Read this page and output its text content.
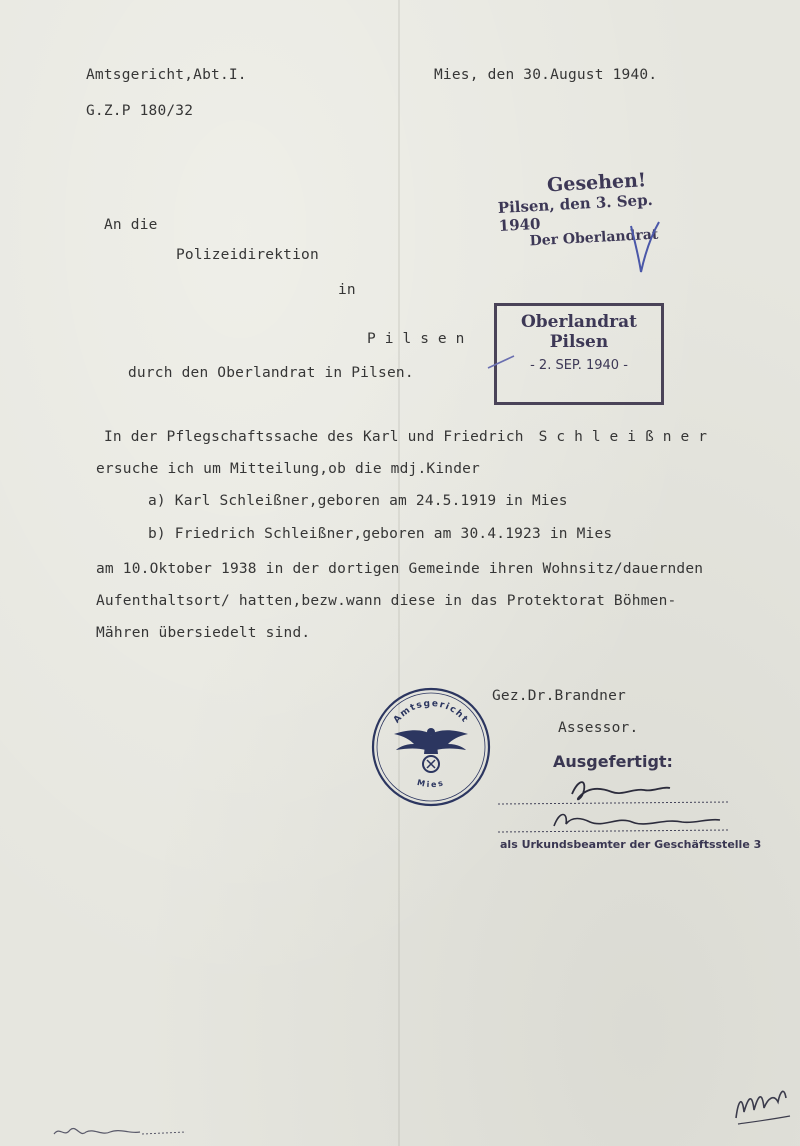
Amtsgericht,Abt.I.
G.Z.P 180/32
Mies, den 30.August 1940.
An die
Polizeidirektion
in
Pilsen
durch den Oberlandrat in Pilsen.
Gesehen!
Pilsen, den 3. Sep. 1940
Der Oberlandrat
Oberlandrat
Pilsen
- 2. SEP. 1940 -
In der Pflegschaftssache des Karl und Friedrich Schleißner
ersuche ich um Mitteilung,ob die mdj.Kinder
a) Karl Schleißner,geboren am 24.5.1919 in Mies
b) Friedrich Schleißner,geboren am 30.4.1923 in Mies
am 10.Oktober 1938 in der dortigen Gemeinde ihren Wohnsitz/dauernden
Aufenthaltsort/ hatten,bezw.wann diese in das Protektorat Böhmen-
Mähren übersiedelt sind.
Gez.Dr.Brandner
Assessor.
Ausgefertigt:
als Urkundsbeamter der Geschäftsstelle 3
Amtsgericht
Mies
